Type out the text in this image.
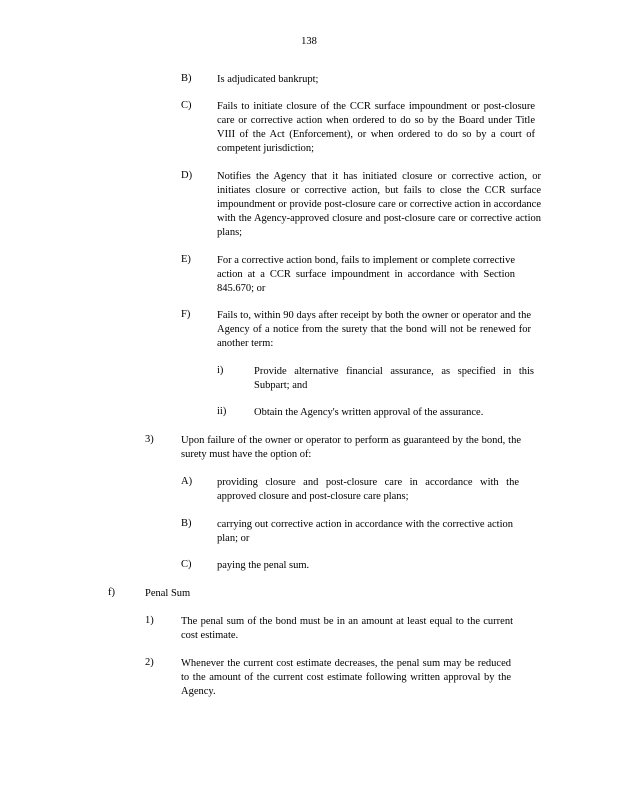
138
B) Is adjudicated bankrupt;
C) Fails to initiate closure of the CCR surface impoundment or post-closure care or corrective action when ordered to do so by the Board under Title VIII of the Act (Enforcement), or when ordered to do so by a court of competent jurisdiction;
D) Notifies the Agency that it has initiated closure or corrective action, or initiates closure or corrective action, but fails to close the CCR surface impoundment or provide post-closure care or corrective action in accordance with the Agency-approved closure and post-closure care or corrective action plans;
E) For a corrective action bond, fails to implement or complete corrective action at a CCR surface impoundment in accordance with Section 845.670; or
F)	Fails to, within 90 days after receipt by both the owner or operator and the Agency of a notice from the surety that the bond will not be renewed for another term:
i)	Provide alternative financial assurance, as specified in this Subpart; and
ii)	Obtain the Agency's written approval of the assurance.
3)	Upon failure of the owner or operator to perform as guaranteed by the bond, the surety must have the option of:
A) providing closure and post-closure care in accordance with the approved closure and post-closure care plans;
B) carrying out corrective action in accordance with the corrective action plan; or
C) paying the penal sum.
f)	Penal Sum
1)	The penal sum of the bond must be in an amount at least equal to the current cost estimate.
2)	Whenever the current cost estimate decreases, the penal sum may be reduced to the amount of the current cost estimate following written approval by the Agency.
